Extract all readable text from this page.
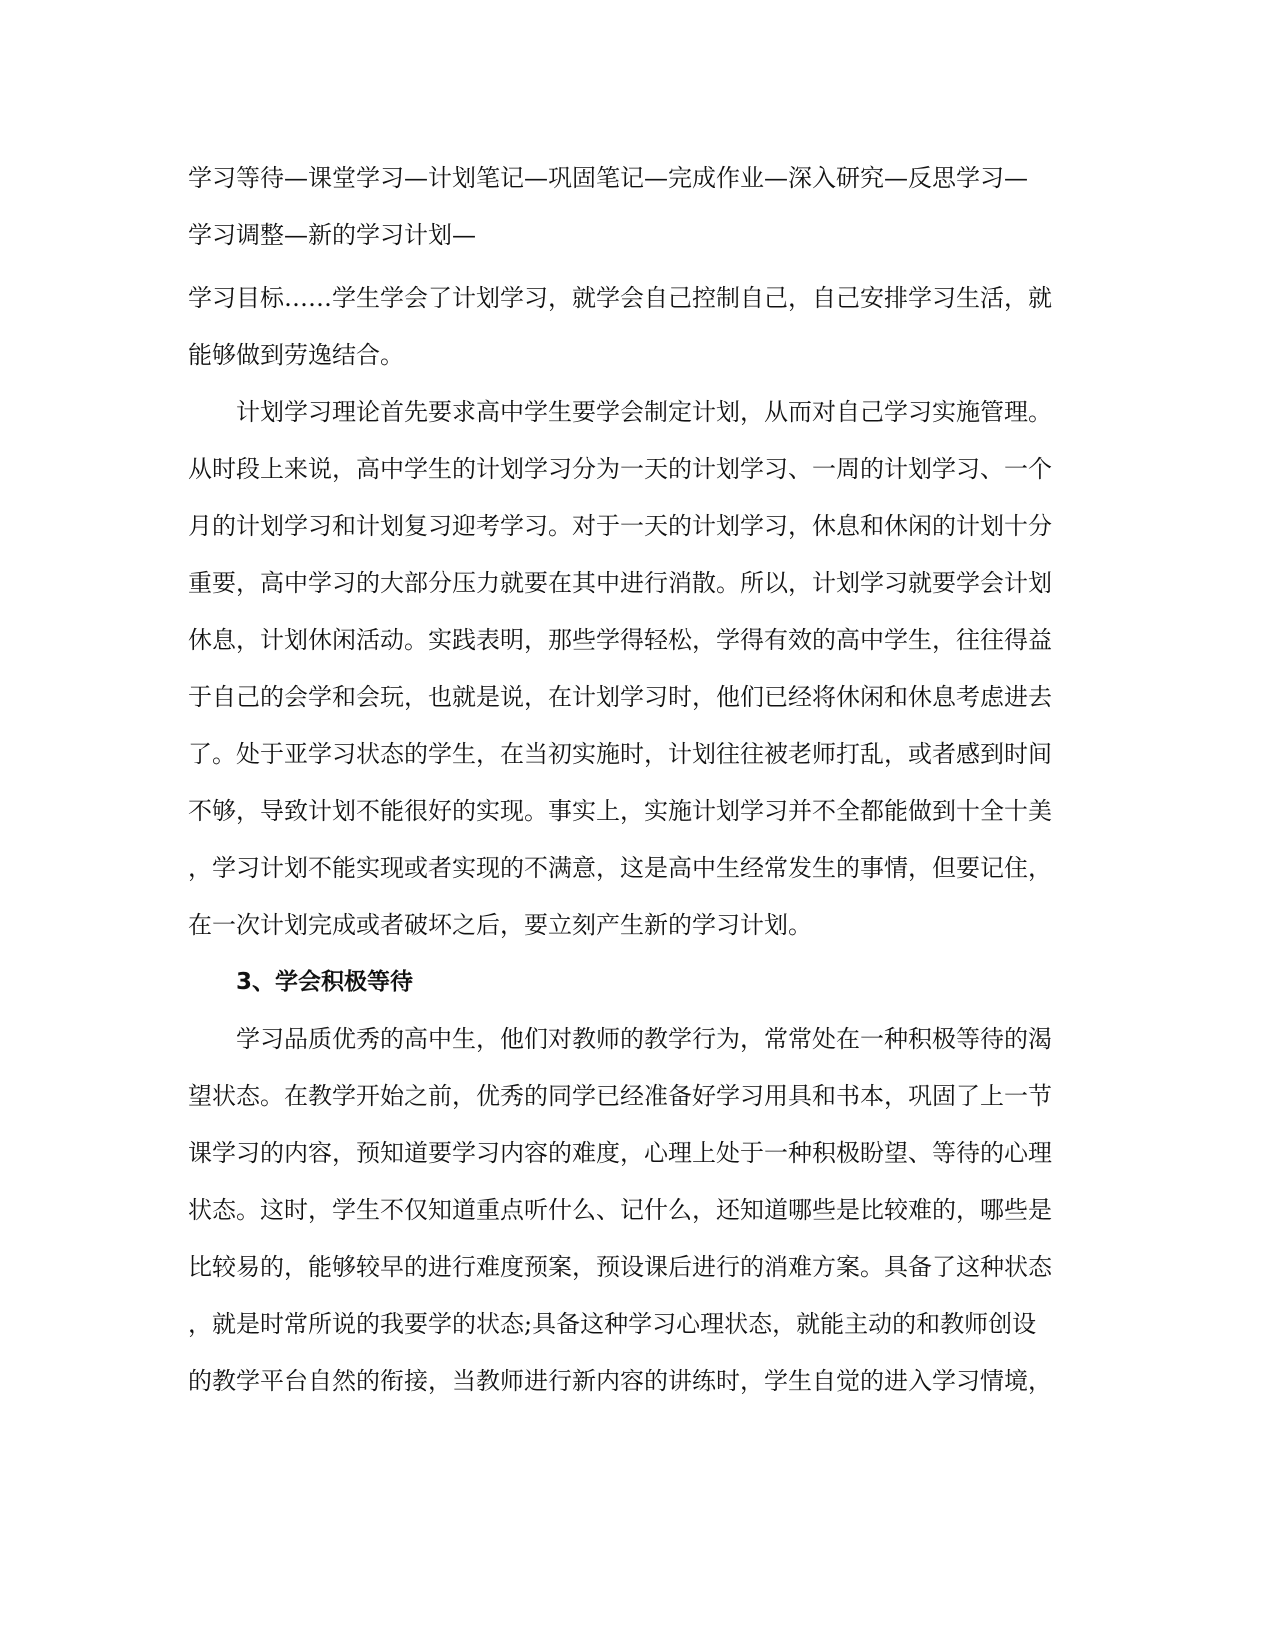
学习等待—课堂学习—计划笔记—巩固笔记—完成作业—深入研究—反思学习—
学习调整—新的学习计划—
学习目标……学生学会了计划学习，就学会自己控制自己，自己安排学习生活，就
能够做到劳逸结合。
计划学习理论首先要求高中学生要学会制定计划，从而对自己学习实施管理。
从时段上来说，高中学生的计划学习分为一天的计划学习、一周的计划学习、一个
月的计划学习和计划复习迎考学习。对于一天的计划学习，休息和休闲的计划十分
重要，高中学习的大部分压力就要在其中进行消散。所以，计划学习就要学会计划
休息，计划休闲活动。实践表明，那些学得轻松，学得有效的高中学生，往往得益
于自己的会学和会玩，也就是说，在计划学习时，他们已经将休闲和休息考虑进去
了。处于亚学习状态的学生，在当初实施时，计划往往被老师打乱，或者感到时间
不够，导致计划不能很好的实现。事实上，实施计划学习并不全都能做到十全十美
，学习计划不能实现或者实现的不满意，这是高中生经常发生的事情，但要记住，
在一次计划完成或者破坏之后，要立刻产生新的学习计划。
3、学会积极等待
学习品质优秀的高中生，他们对教师的教学行为，常常处在一种积极等待的渴
望状态。在教学开始之前，优秀的同学已经准备好学习用具和书本，巩固了上一节
课学习的内容，预知道要学习内容的难度，心理上处于一种积极盼望、等待的心理
状态。这时，学生不仅知道重点听什么、记什么，还知道哪些是比较难的，哪些是
比较易的，能够较早的进行难度预案，预设课后进行的消难方案。具备了这种状态
，就是时常所说的我要学的状态;具备这种学习心理状态，就能主动的和教师创设
的教学平台自然的衔接，当教师进行新内容的讲练时，学生自觉的进入学习情境，
